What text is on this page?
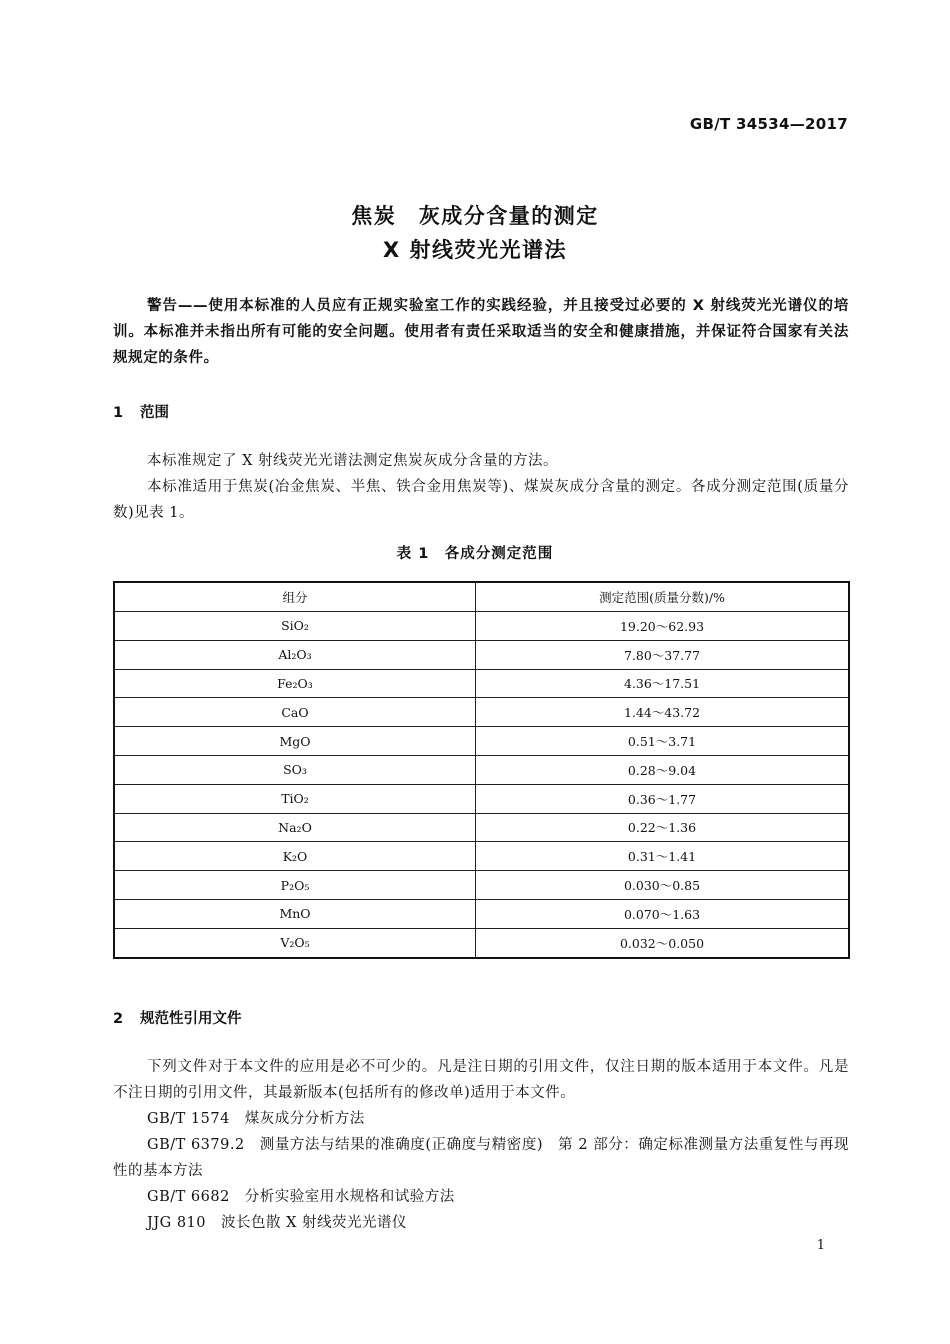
GB/T 34534—2017
焦炭　灰成分含量的测定
X 射线荧光光谱法
警告——使用本标准的人员应有正规实验室工作的实践经验，并且接受过必要的 X 射线荧光光谱仪的培训。本标准并未指出所有可能的安全问题。使用者有责任采取适当的安全和健康措施，并保证符合国家有关法规规定的条件。
1 范围
本标准规定了 X 射线荧光光谱法测定焦炭灰成分含量的方法。
本标准适用于焦炭(冶金焦炭、半焦、铁合金用焦炭等)、煤炭灰成分含量的测定。各成分测定范围(质量分数)见表 1。
表 1　各成分测定范围
组分	测定范围(质量分数)/%
SiO₂	19.20～62.93
Al₂O₃	7.80～37.77
Fe₂O₃	4.36～17.51
CaO	1.44～43.72
MgO	0.51～3.71
SO₃	0.28～9.04
TiO₂	0.36～1.77
Na₂O	0.22～1.36
K₂O	0.31～1.41
P₂O₅	0.030～0.85
MnO	0.070～1.63
V₂O₅	0.032～0.050
2 规范性引用文件
下列文件对于本文件的应用是必不可少的。凡是注日期的引用文件，仅注日期的版本适用于本文件。凡是不注日期的引用文件，其最新版本(包括所有的修改单)适用于本文件。
GB/T 1574　煤灰成分分析方法
GB/T 6379.2　测量方法与结果的准确度(正确度与精密度)　第 2 部分：确定标准测量方法重复性与再现性的基本方法
GB/T 6682　分析实验室用水规格和试验方法
JJG 810　波长色散 X 射线荧光光谱仪
1
